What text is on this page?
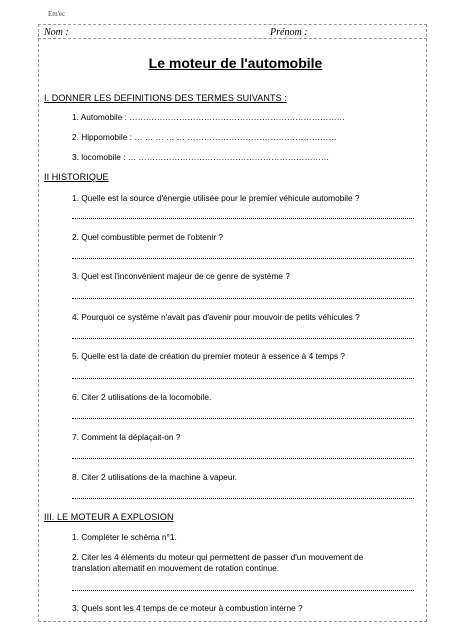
Em'ec
Nom :	Prénom :
Le moteur de l'automobile
I. DONNER LES DEFINITIONS DES TERMES SUIVANTS :
1. Automobile : ……………………………………………………………………
2. Hippomobile : … … … … … ………………………………………………
3. locomobile : … ……………………………………………………………
II HISTORIQUE
1. Quelle est la source d'énergie utilisée pour le premier véhicule automobile ?
2. Quel combustible permet de l'obtenir ?
3. Quel est l'inconvénient majeur de ce genre de système ?
4. Pourquoi ce système n'avait pas d'avenir pour mouvoir de petits véhicules ?
5. Quelle est la date de création du premier moteur à essence à 4 temps ?
6. Citer 2 utilisations de la locomobile.
7. Comment la déplaçait-on ?
8. Citer 2 utilisations de la machine à vapeur.
III. LE MOTEUR A EXPLOSION
1. Compléter le schéma n°1.
2. Citer les 4 éléments du moteur qui permettent de passer d'un mouvement de
translation alternatif en mouvement de rotation continue.
3. Quels sont les 4 temps de ce moteur à combustion interne ?
